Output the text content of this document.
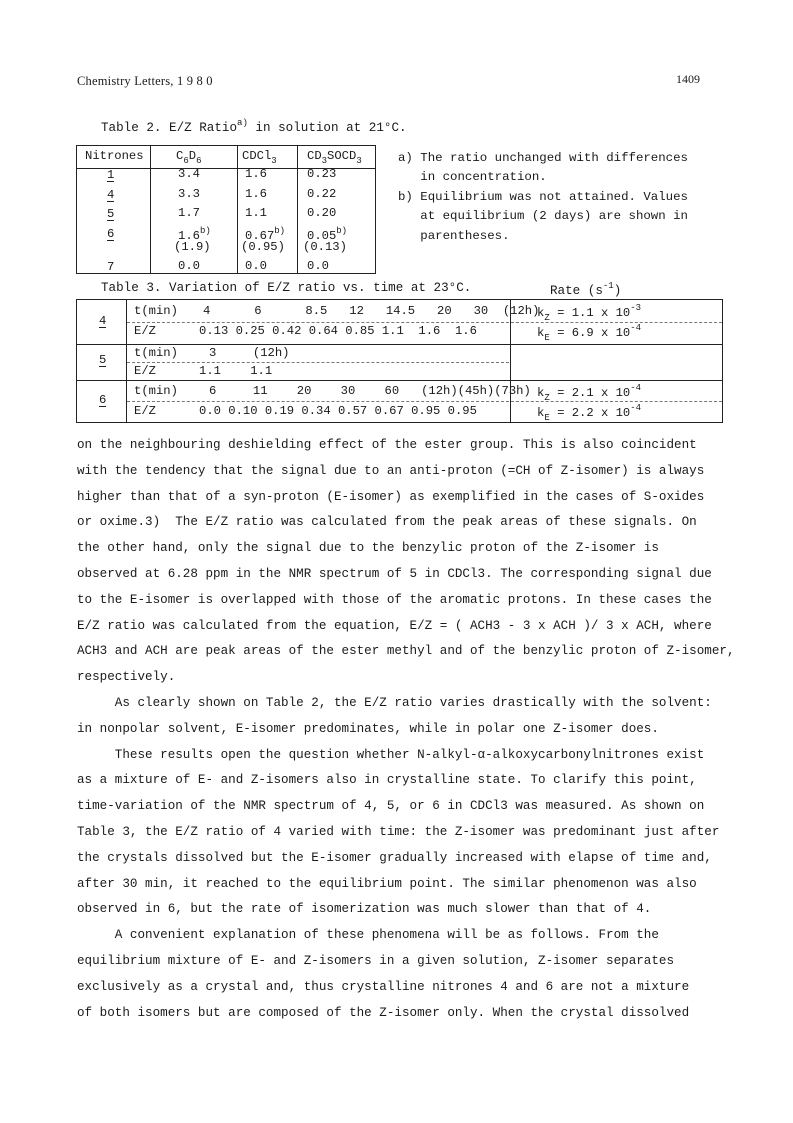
Chemistry Letters, 1 9 8 0	1409
Table 2. E/Z Ratio$^{a)}$ in solution at 21°C.
Nitrones	$C_6D_6$	CDCl$_3$ $CD_3SOCD_3$
1	3.4	1.6	0.23
4	3.3	1.6	0.22
5	1.7	1.1	0.20
6	1.6$^{b)}$	0.67$^{b)}$ 0.05$^{b)}$
(1.9) (0.95) (0.13)
7	0.0	0.0	0.0
a) The ratio unchanged with differences
in concentration.
b) Equilibrium was not attained. Values
at equilibrium (2 days) are shown in
parentheses.
Table 3. Variation of E/Z ratio vs. time at 23°C.	Rate $(s^{-1})$
4
t(min) 4      6      8.5   12   14.5   20   30  (12h)
E/Z	0.13 0.25 0.42 0.64 0.85 1.1  1.6  1.6
$k_Z = 1.1$ x $10^{-3}$
$k_E = 6.9$ x $10^{-4}$
5 t(min)	3     (12h)
E/Z	1.1    1.1
6
t(min)	6     11    20    30    60   (12h)(45h)(73h)
E/Z	0.0 0.10 0.19 0.34 0.57 0.67 0.95 0.95
$k_Z = 2.1$ x $10^{-4}$
$k_E = 2.2$ x $10^{-4}$

on the neighbouring deshielding effect of the ester group. This is also coincident

with the tendency that the signal due to an anti-proton (=CH of Z-isomer) is always

higher than that of a syn-proton (E-isomer) as exemplified in the cases of S-oxides

or oxime.3)  The E/Z ratio was calculated from the peak areas of these signals. On

the other hand, only the signal due to the benzylic proton of the Z-isomer is

observed at 6.28 ppm in the NMR spectrum of 5 in CDCl3. The corresponding signal due

to the E-isomer is overlapped with those of the aromatic protons. In these cases the

E/Z ratio was calculated from the equation, E/Z = ( ACH3 - 3 x ACH )/ 3 x ACH, where

ACH3 and ACH are peak areas of the ester methyl and of the benzylic proton of Z-isomer,

respectively.

As clearly shown on Table 2, the E/Z ratio varies drastically with the solvent:

in nonpolar solvent, E-isomer predominates, while in polar one Z-isomer does.

These results open the question whether N-alkyl-α-alkoxycarbonylnitrones exist

as a mixture of E- and Z-isomers also in crystalline state. To clarify this point,

time-variation of the NMR spectrum of 4, 5, or 6 in CDCl3 was measured. As shown on

Table 3, the E/Z ratio of 4 varied with time: the Z-isomer was predominant just after

the crystals dissolved but the E-isomer gradually increased with elapse of time and,

after 30 min, it reached to the equilibrium point. The similar phenomenon was also

observed in 6, but the rate of isomerization was much slower than that of 4.

A convenient explanation of these phenomena will be as follows. From the

equilibrium mixture of E- and Z-isomers in a given solution, Z-isomer separates

exclusively as a crystal and, thus crystalline nitrones 4 and 6 are not a mixture

of both isomers but are composed of the Z-isomer only. When the crystal dissolved
